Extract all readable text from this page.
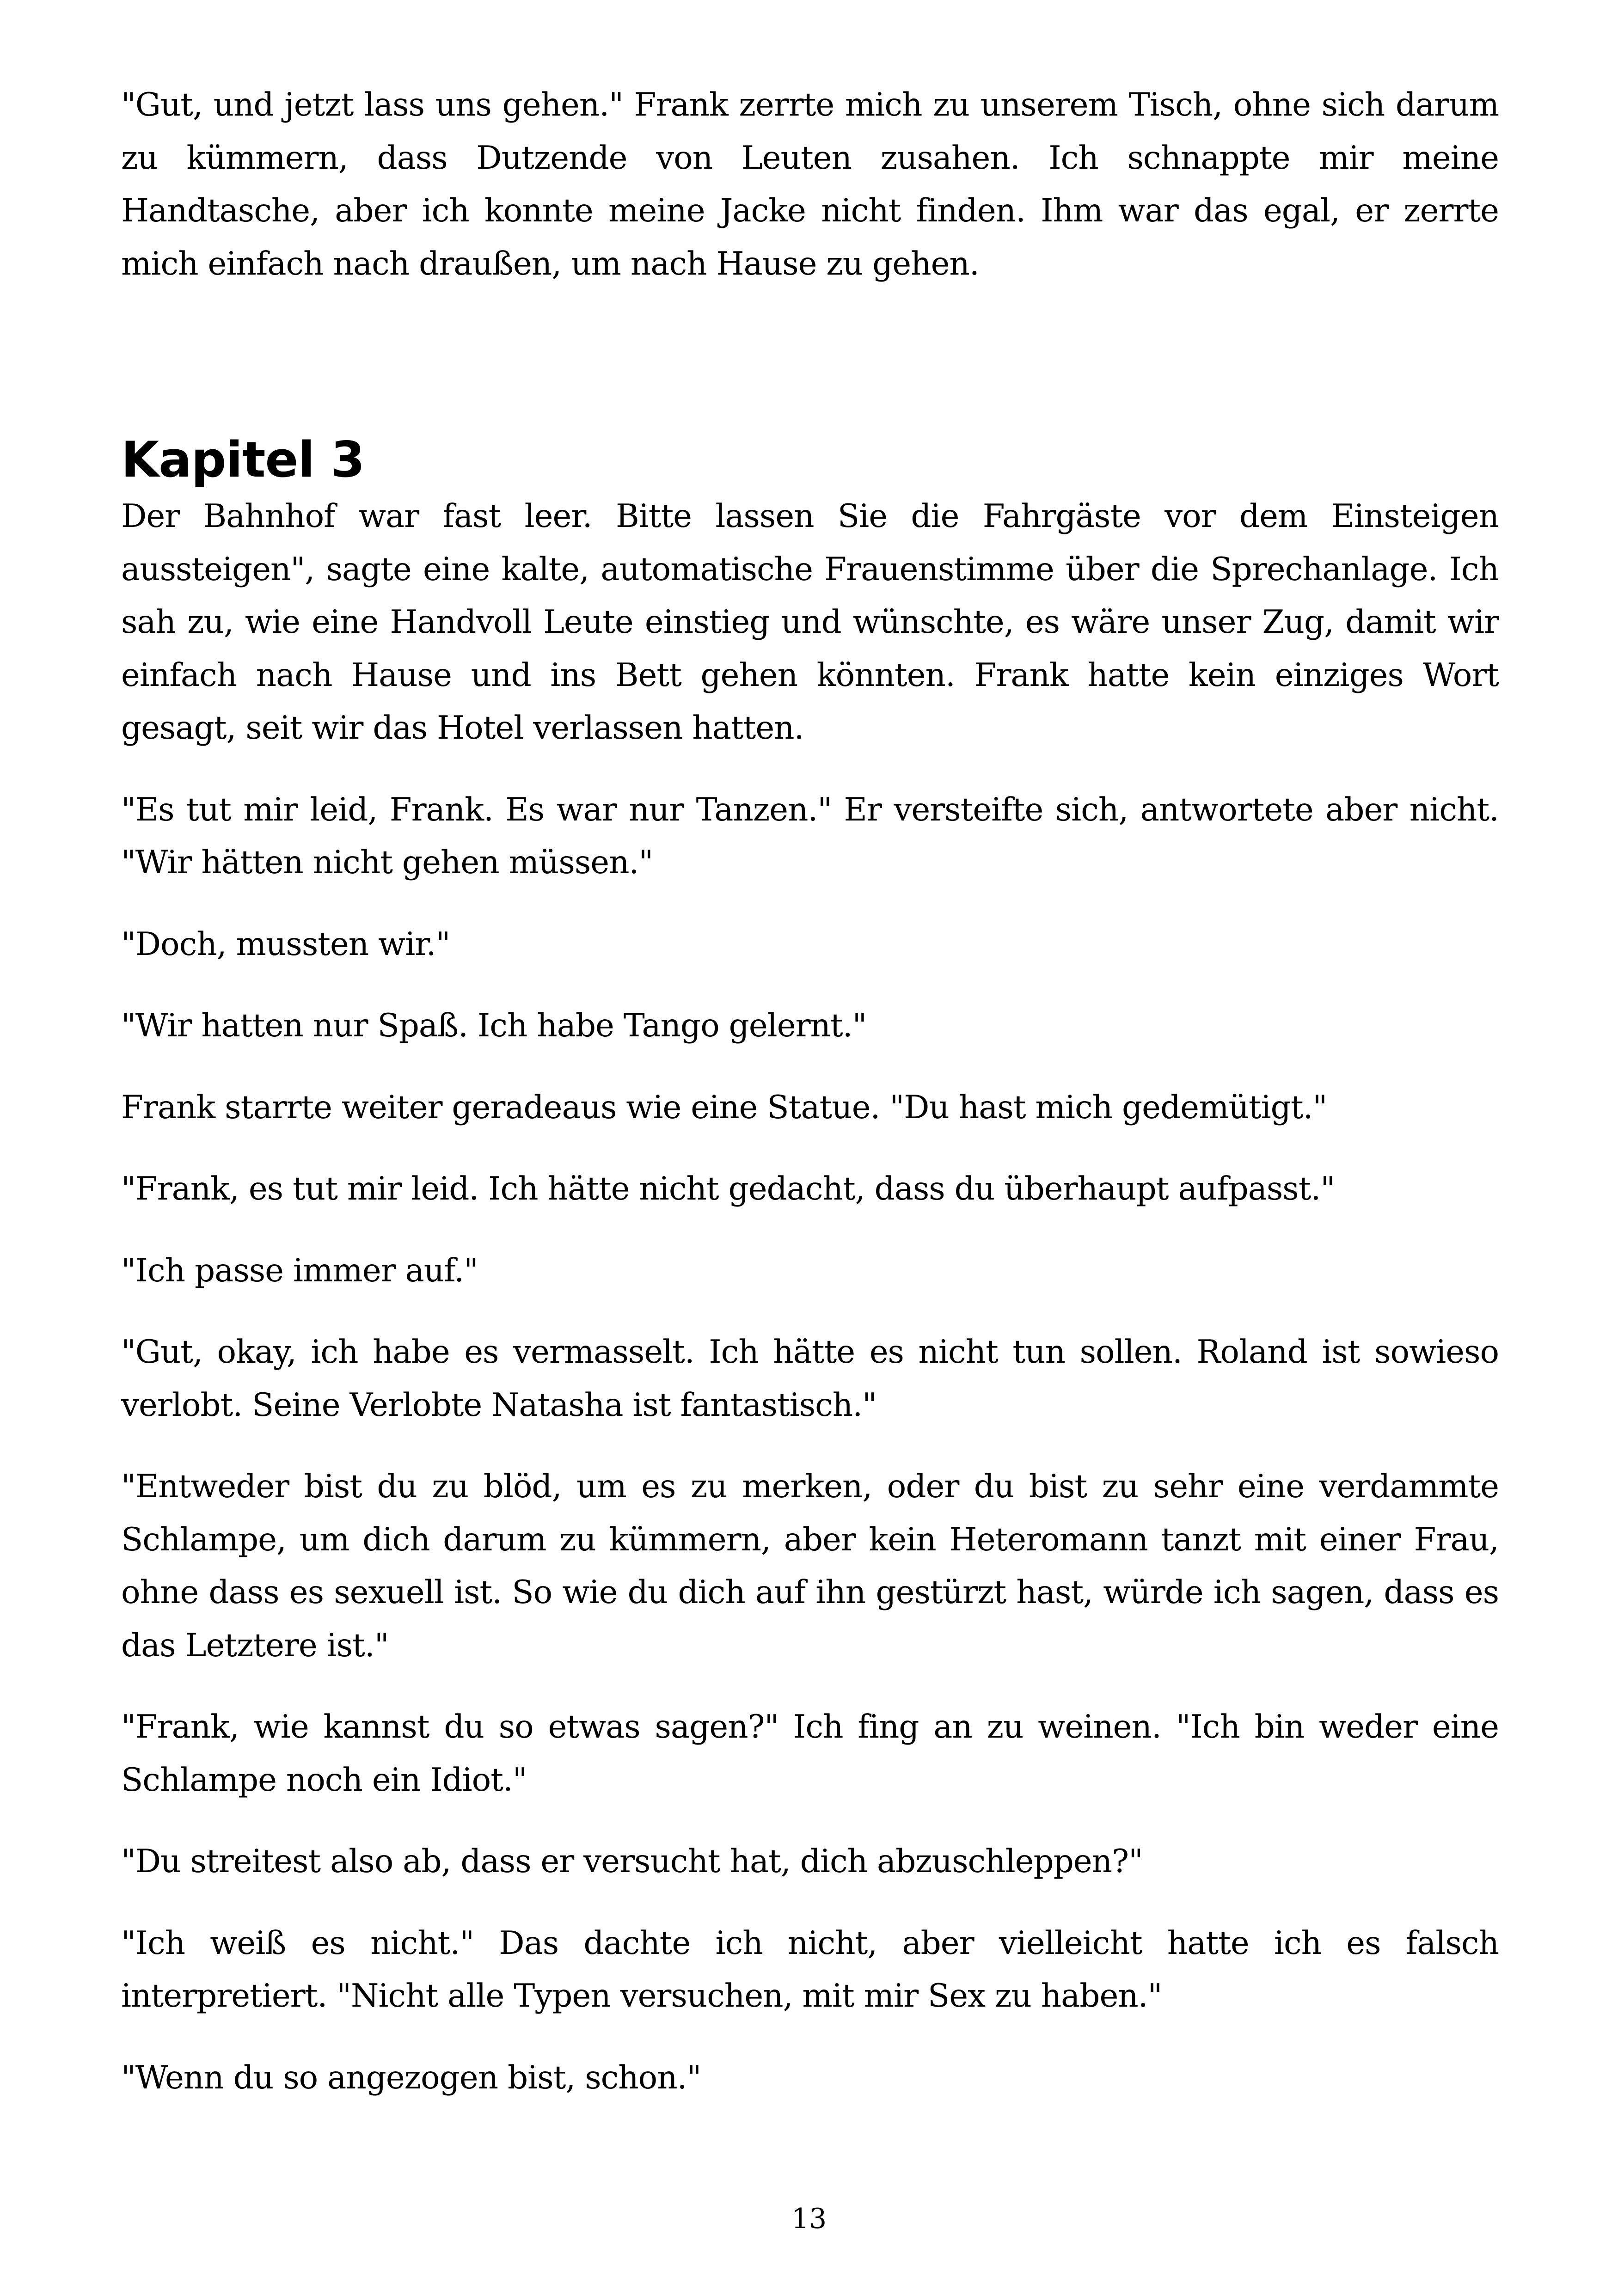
"Gut, und jetzt lass uns gehen." Frank zerrte mich zu unserem Tisch, ohne sich darum zu kümmern, dass Dutzende von Leuten zusahen. Ich schnappte mir meine Handtasche, aber ich konnte meine Jacke nicht finden. Ihm war das egal, er zerrte mich einfach nach draußen, um nach Hause zu gehen.

Kapitel 3

Der Bahnhof war fast leer. Bitte lassen Sie die Fahrgäste vor dem Einsteigen aussteigen", sagte eine kalte, automatische Frauenstimme über die Sprechanlage. Ich sah zu, wie eine Handvoll Leute einstieg und wünschte, es wäre unser Zug, damit wir einfach nach Hause und ins Bett gehen könnten. Frank hatte kein einziges Wort gesagt, seit wir das Hotel verlassen hatten.

"Es tut mir leid, Frank. Es war nur Tanzen." Er versteifte sich, antwortete aber nicht. "Wir hätten nicht gehen müssen."

"Doch, mussten wir."

"Wir hatten nur Spaß. Ich habe Tango gelernt."

Frank starrte weiter geradeaus wie eine Statue. "Du hast mich gedemütigt."

"Frank, es tut mir leid. Ich hätte nicht gedacht, dass du überhaupt aufpasst."

"Ich passe immer auf."

"Gut, okay, ich habe es vermasselt. Ich hätte es nicht tun sollen. Roland ist sowieso verlobt. Seine Verlobte Natasha ist fantastisch."

"Entweder bist du zu blöd, um es zu merken, oder du bist zu sehr eine verdammte Schlampe, um dich darum zu kümmern, aber kein Heteromann tanzt mit einer Frau, ohne dass es sexuell ist. So wie du dich auf ihn gestürzt hast, würde ich sagen, dass es das Letztere ist."

"Frank, wie kannst du so etwas sagen?" Ich fing an zu weinen. "Ich bin weder eine Schlampe noch ein Idiot."

"Du streitest also ab, dass er versucht hat, dich abzuschleppen?"

"Ich weiß es nicht." Das dachte ich nicht, aber vielleicht hatte ich es falsch interpretiert. "Nicht alle Typen versuchen, mit mir Sex zu haben."

"Wenn du so angezogen bist, schon."

13
